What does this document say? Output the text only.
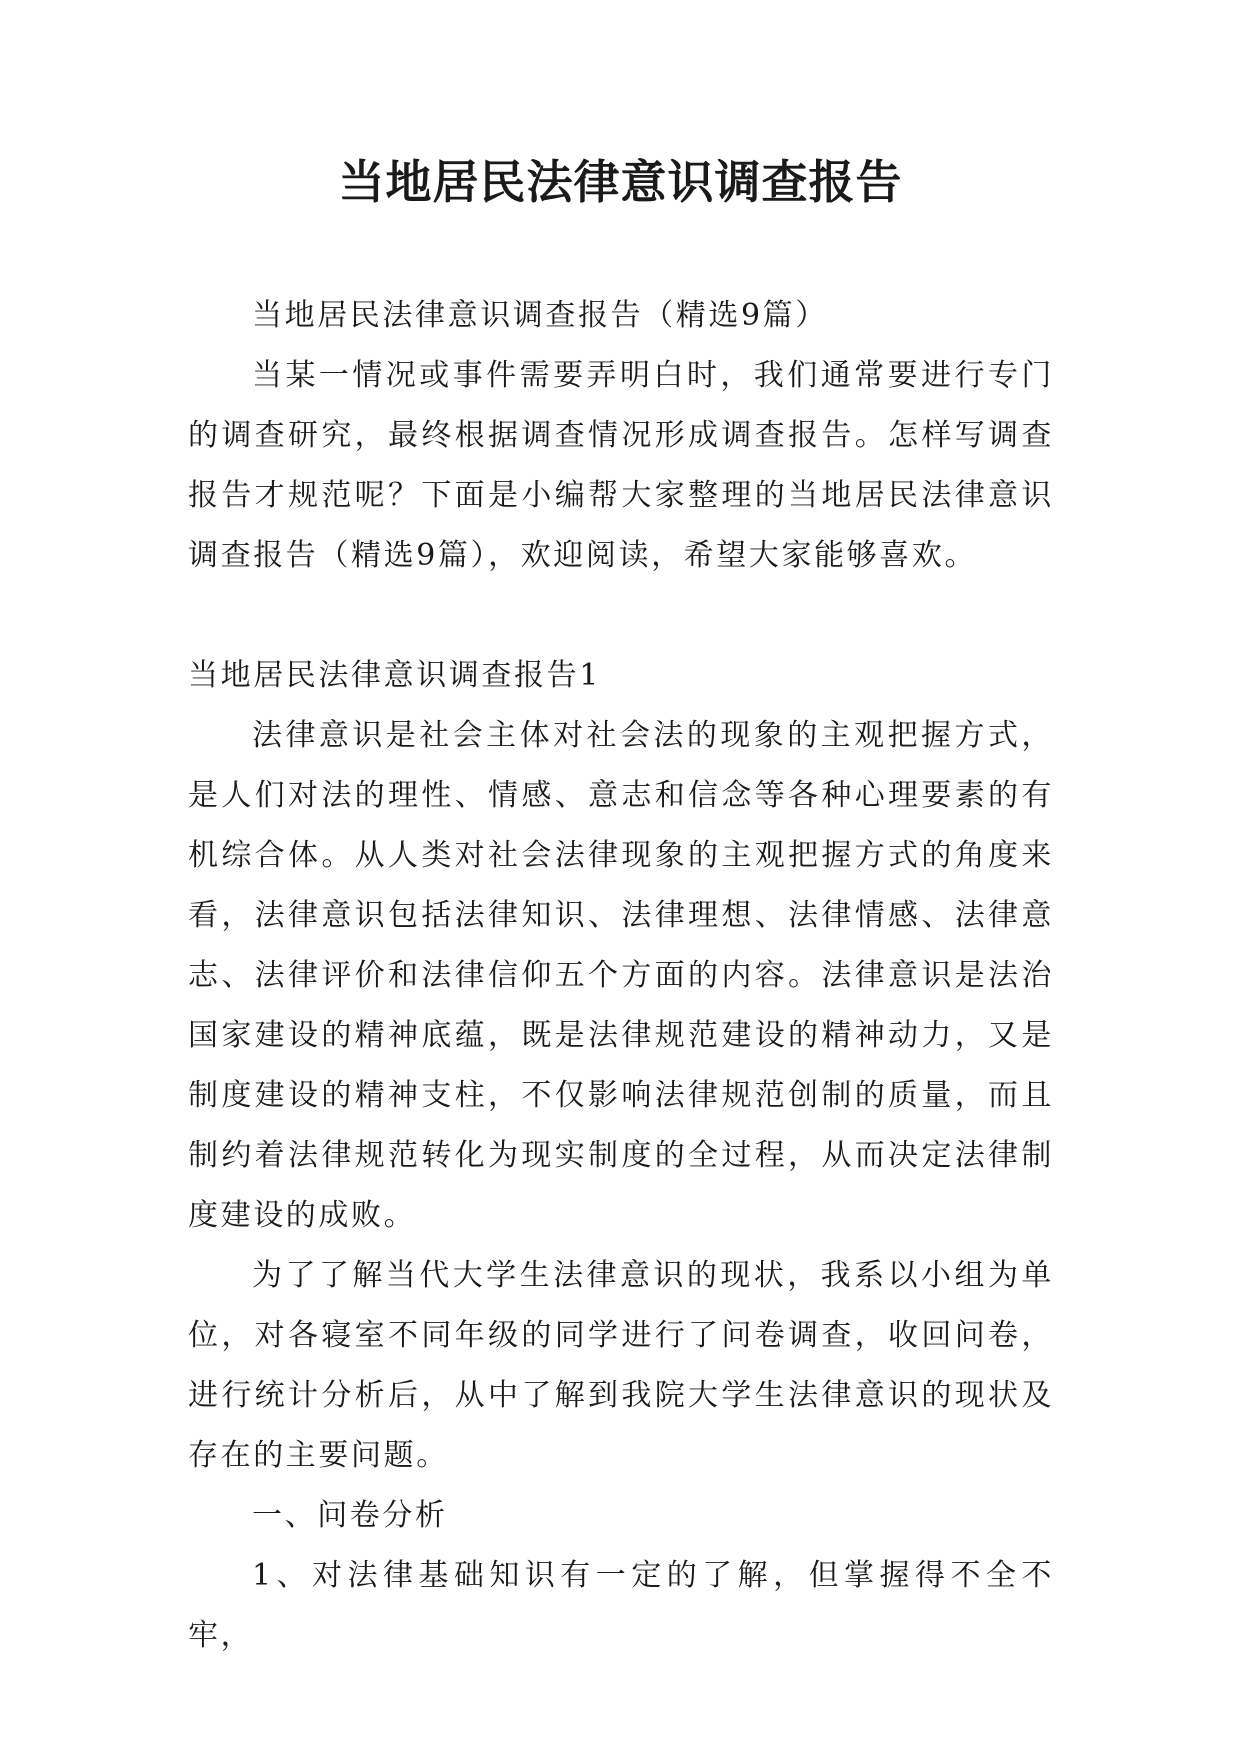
当地居民法律意识调查报告

当地居民法律意识调查报告（精选9篇）

当某一情况或事件需要弄明白时，我们通常要进行专门的调查研究，最终根据调查情况形成调查报告。怎样写调查报告才规范呢？下面是小编帮大家整理的当地居民法律意识调查报告（精选9篇），欢迎阅读，希望大家能够喜欢。

当地居民法律意识调查报告1

法律意识是社会主体对社会法的现象的主观把握方式，是人们对法的理性、情感、意志和信念等各种心理要素的有机综合体。从人类对社会法律现象的主观把握方式的角度来看，法律意识包括法律知识、法律理想、法律情感、法律意志、法律评价和法律信仰五个方面的内容。法律意识是法治国家建设的精神底蕴，既是法律规范建设的精神动力，又是制度建设的精神支柱，不仅影响法律规范创制的质量，而且制约着法律规范转化为现实制度的全过程，从而决定法律制度建设的成败。

为了了解当代大学生法律意识的现状，我系以小组为单位，对各寝室不同年级的同学进行了问卷调查，收回问卷，进行统计分析后，从中了解到我院大学生法律意识的现状及存在的主要问题。

一、问卷分析

1、对法律基础知识有一定的了解，但掌握得不全不牢，
